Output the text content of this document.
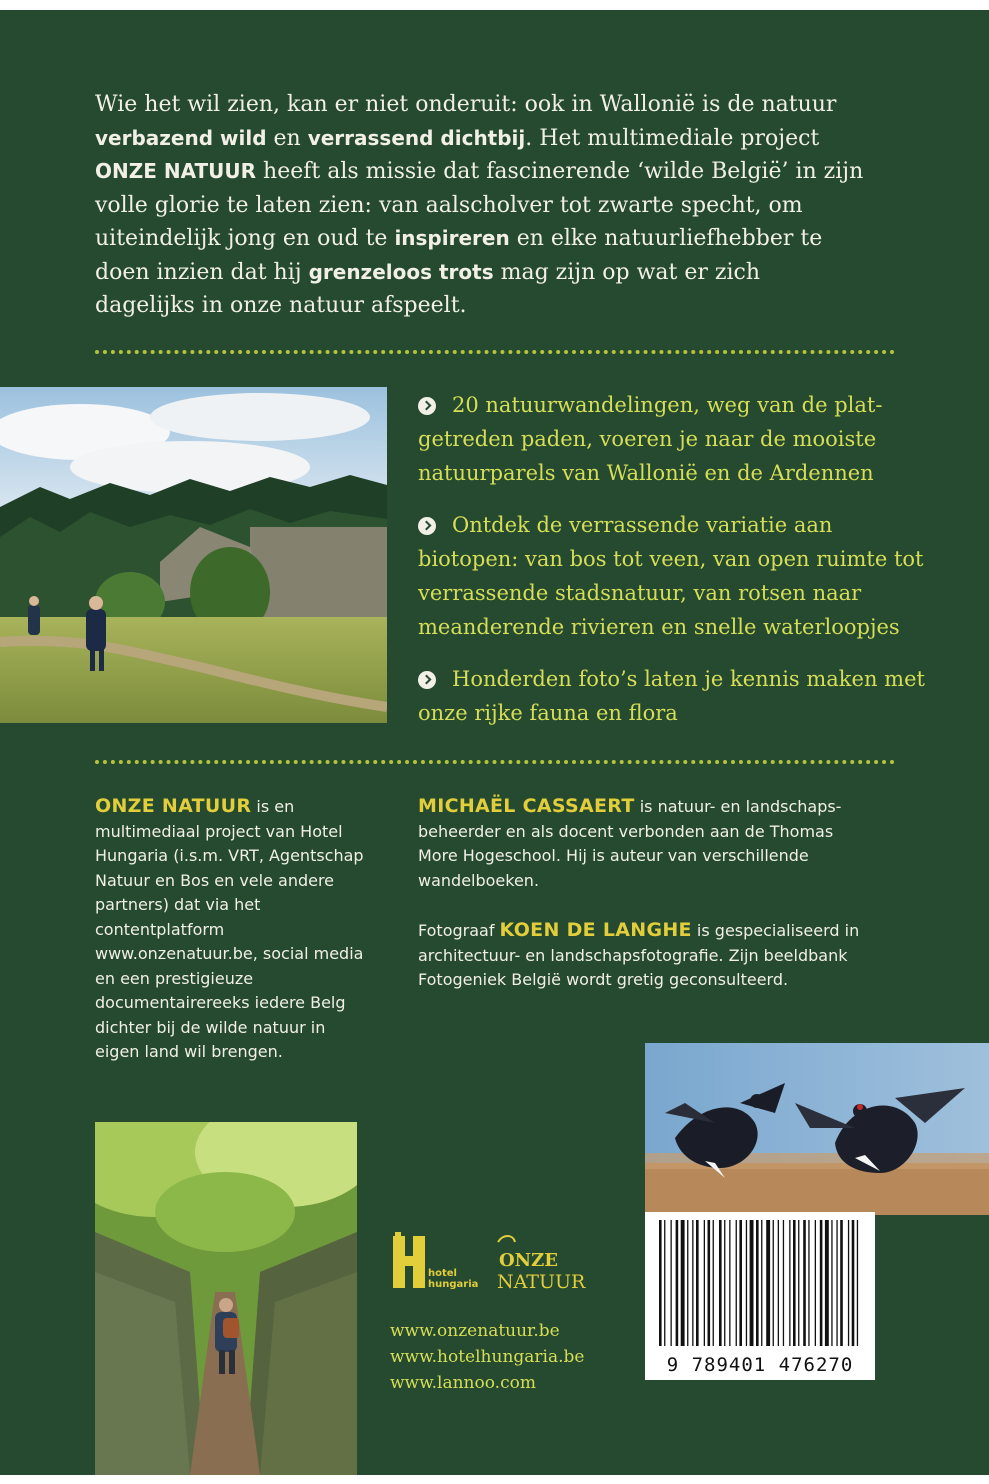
Wie het wil zien, kan er niet onderuit: ook in Wallonië is de natuur verbazend wild en verrassend dichtbij. Het multimediale project ONZE NATUUR heeft als missie dat fascinerende ‘wilde België’ in zijn volle glorie te laten zien: van aalscholver tot zwarte specht, om uiteindelijk jong en oud te inspireren en elke natuurliefhebber te doen inzien dat hij grenzeloos trots mag zijn op wat er zich dagelijks in onze natuur afspeelt.
20 natuurwandelingen, weg van de plat-getreden paden, voeren je naar de mooiste natuurparels van Wallonië en de Ardennen
Ontdek de verrassende variatie aan biotopen: van bos tot veen, van open ruimte tot verrassende stadsnatuur, van rotsen naar meanderende rivieren en snelle waterloopjes
Honderden foto’s laten je kennis maken met onze rijke fauna en flora
ONZE NATUUR is en multimediaal project van Hotel Hungaria (i.s.m. VRT, Agentschap Natuur en Bos en vele andere partners) dat via het contentplatform www.onzenatuur.be, social media en een prestigieuze documentairereeks iedere Belg dichter bij de wilde natuur in eigen land wil brengen.
MICHAËL CASSAERT is natuur- en landschaps-beheerder en als docent verbonden aan de Thomas More Hogeschool. Hij is auteur van verschillende wandelboeken.
Fotograaf KOEN DE LANGHE is gespecialiseerd in architectuur- en landschapsfotografie. Zijn beeldbank Fotogeniek België wordt gretig geconsulteerd.
hotel
hungaria
ONZE
NATUUR
www.onzenatuur.be
www.hotelhungaria.be
www.lannoo.com
9 789401 476270
